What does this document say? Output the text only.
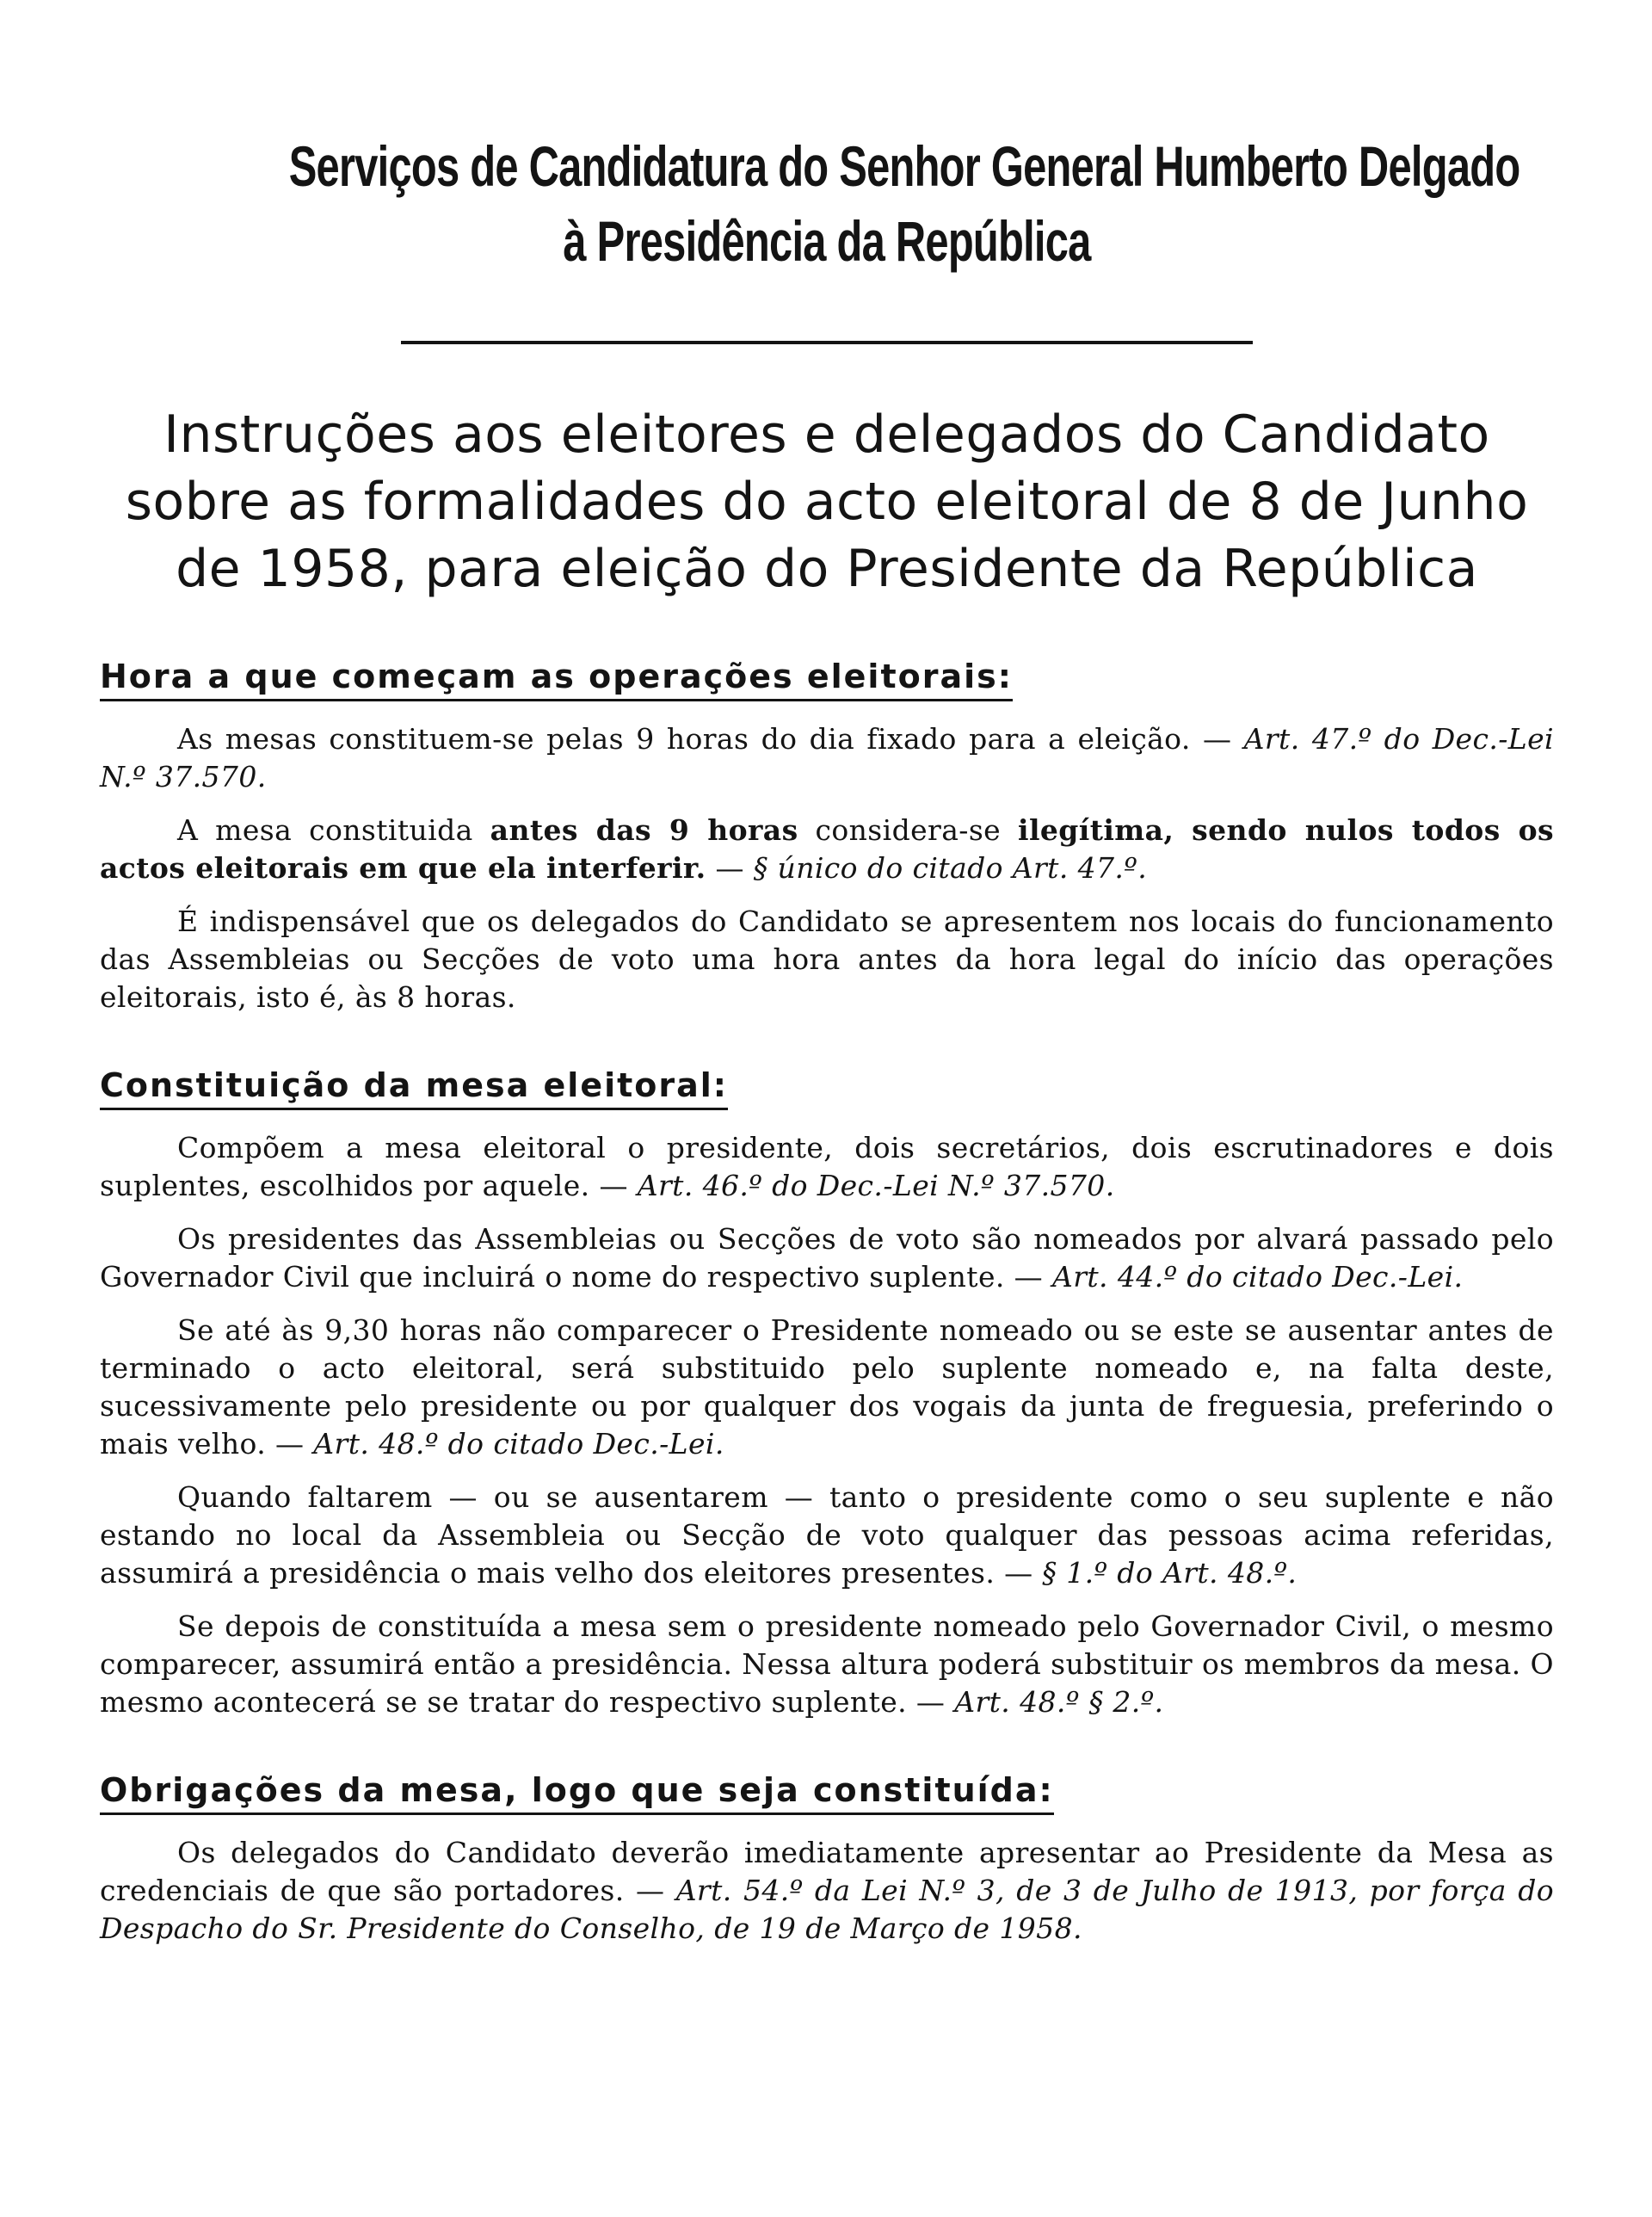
Serviços de Candidatura do Senhor General Humberto Delgado
à Presidência da República
Instruções aos eleitores e delegados do Candidato
sobre as formalidades do acto eleitoral de 8 de Junho
de 1958, para eleição do Presidente da República
Hora a que começam as operações eleitorais:

As mesas constituem-se pelas 9 horas do dia fixado para a eleição. — Art. 47.º do Dec.-Lei N.º 37.570.

A mesa constituida antes das 9 horas considera-se ilegítima, sendo nulos todos os actos eleitorais em que ela interferir. — § único do citado Art. 47.º.

É indispensável que os delegados do Candidato se apresentem nos locais do funcionamento das Assembleias ou Secções de voto uma hora antes da hora legal do início das operações eleitorais, isto é, às 8 horas.

Constituição da mesa eleitoral:

Compõem a mesa eleitoral o presidente, dois secretários, dois escrutinadores e dois suplentes, escolhidos por aquele. — Art. 46.º do Dec.-Lei N.º 37.570.

Os presidentes das Assembleias ou Secções de voto são nomeados por alvará passado pelo Governador Civil que incluirá o nome do respectivo suplente. — Art. 44.º do citado Dec.-Lei.

Se até às 9,30 horas não comparecer o Presidente nomeado ou se este se ausentar antes de terminado o acto eleitoral, será substituido pelo suplente nomeado e, na falta deste, sucessivamente pelo presidente ou por qualquer dos vogais da junta de freguesia, preferindo o mais velho. — Art. 48.º do citado Dec.-Lei.

Quando faltarem — ou se ausentarem — tanto o presidente como o seu suplente e não estando no local da Assembleia ou Secção de voto qualquer das pessoas acima referidas, assumirá a presidência o mais velho dos eleitores presentes. — § 1.º do Art. 48.º.

Se depois de constituída a mesa sem o presidente nomeado pelo Governador Civil, o mesmo comparecer, assumirá então a presidência. Nessa altura poderá substituir os membros da mesa. O mesmo acontecerá se se tratar do respectivo suplente. — Art. 48.º § 2.º.

Obrigações da mesa, logo que seja constituída:

Os delegados do Candidato deverão imediatamente apresentar ao Presidente da Mesa as credenciais de que são portadores. — Art. 54.º da Lei N.º 3, de 3 de Julho de 1913, por força do Despacho do Sr. Presidente do Conselho, de 19 de Março de 1958.
